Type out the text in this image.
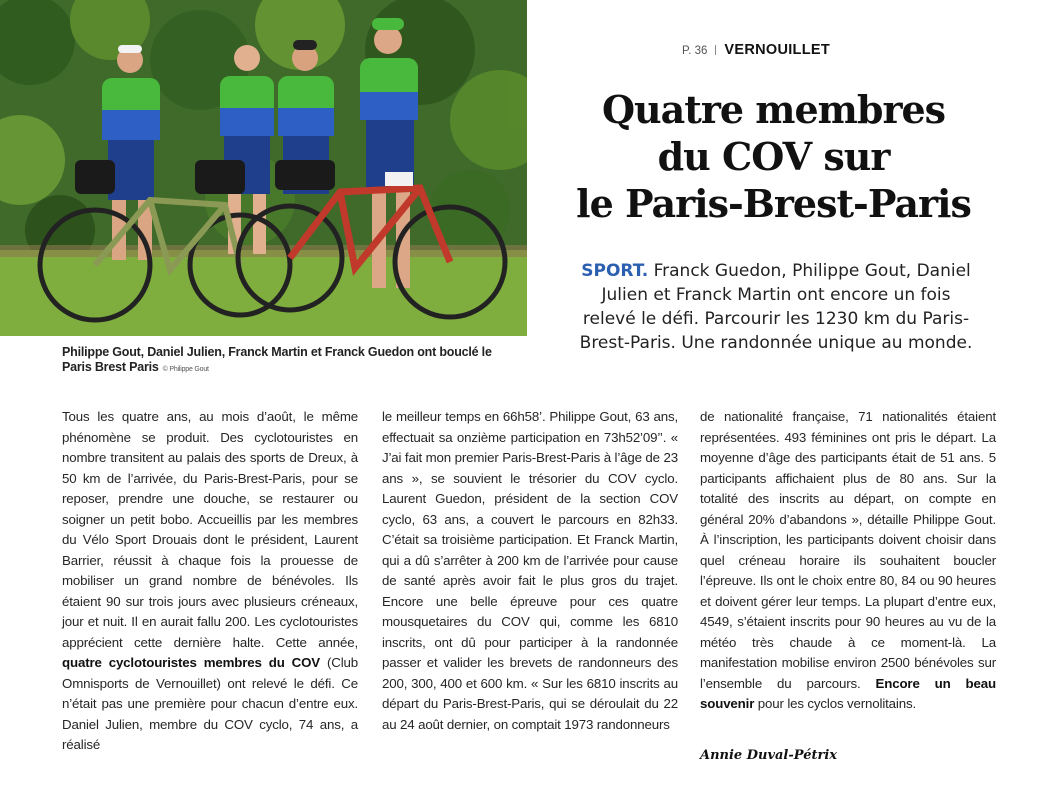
Philippe Gout, Daniel Julien, Franck Martin et Franck Guedon ont bouclé le Paris Brest Paris © Philippe Gout
P. 36 VERNOUILLET
Quatre membres
du COV sur
le Paris-Brest-Paris

SPORT. Franck Guedon, Philippe Gout, Daniel Julien et Franck Martin ont encore un fois relevé le défi. Parcourir les 1230 km du Paris-Brest-Paris. Une randonnée unique au monde.

Tous les quatre ans, au mois d’août, le même phénomène se produit. Des cyclotouristes en nombre transitent au palais des sports de Dreux, à 50 km de l’arrivée, du Paris-Brest-Paris, pour se reposer, prendre une douche, se restaurer ou soigner un petit bobo. Accueillis par les membres du Vélo Sport Drouais dont le président, Laurent Barrier, réussit à chaque fois la prouesse de mobiliser un grand nombre de bénévoles. Ils étaient 90 sur trois jours avec plusieurs créneaux, jour et nuit. Il en aurait fallu 200. Les cyclotouristes apprécient cette dernière halte. Cette année, quatre cyclotouristes membres du COV (Club Omnisports de Vernouillet) ont relevé le défi. Ce n’était pas une première pour chacun d’entre eux. Daniel Julien, membre du COV cyclo, 74 ans, a réalisé

le meilleur temps en 66h58’. Philippe Gout, 63 ans, effectuait sa onzième participation en 73h52’09’’. « J’ai fait mon premier Paris-Brest-Paris à l’âge de 23 ans », se souvient le trésorier du COV cyclo. Laurent Guedon, président de la section COV cyclo, 63 ans, a couvert le parcours en 82h33. C’était sa troisième participation. Et Franck Martin, qui a dû s’arrêter à 200 km de l’arrivée pour cause de santé après avoir fait le plus gros du trajet. Encore une belle épreuve pour ces quatre mousquetaires du COV qui, comme les 6810 inscrits, ont dû pour participer à la randonnée passer et valider les brevets de randonneurs des 200, 300, 400 et 600 km. « Sur les 6810 inscrits au départ du Paris-Brest-Paris, qui se déroulait du 22 au 24 août dernier, on comptait 1973 randonneurs

de nationalité française, 71 nationalités étaient représentées. 493 féminines ont pris le départ. La moyenne d’âge des participants était de 51 ans. 5 participants affichaient plus de 80 ans. Sur la totalité des inscrits au départ, on compte en général 20% d’abandons », détaille Philippe Gout. À l’inscription, les participants doivent choisir dans quel créneau horaire ils souhaitent boucler l’épreuve. Ils ont le choix entre 80, 84 ou 90 heures et doivent gérer leur temps. La plupart d’entre eux, 4549, s’étaient inscrits pour 90 heures au vu de la météo très chaude à ce moment-là. La manifestation mobilise environ 2500 bénévoles sur l’ensemble du parcours. Encore un beau souvenir pour les cyclos vernolitains.

Annie Duval-Pétrix
